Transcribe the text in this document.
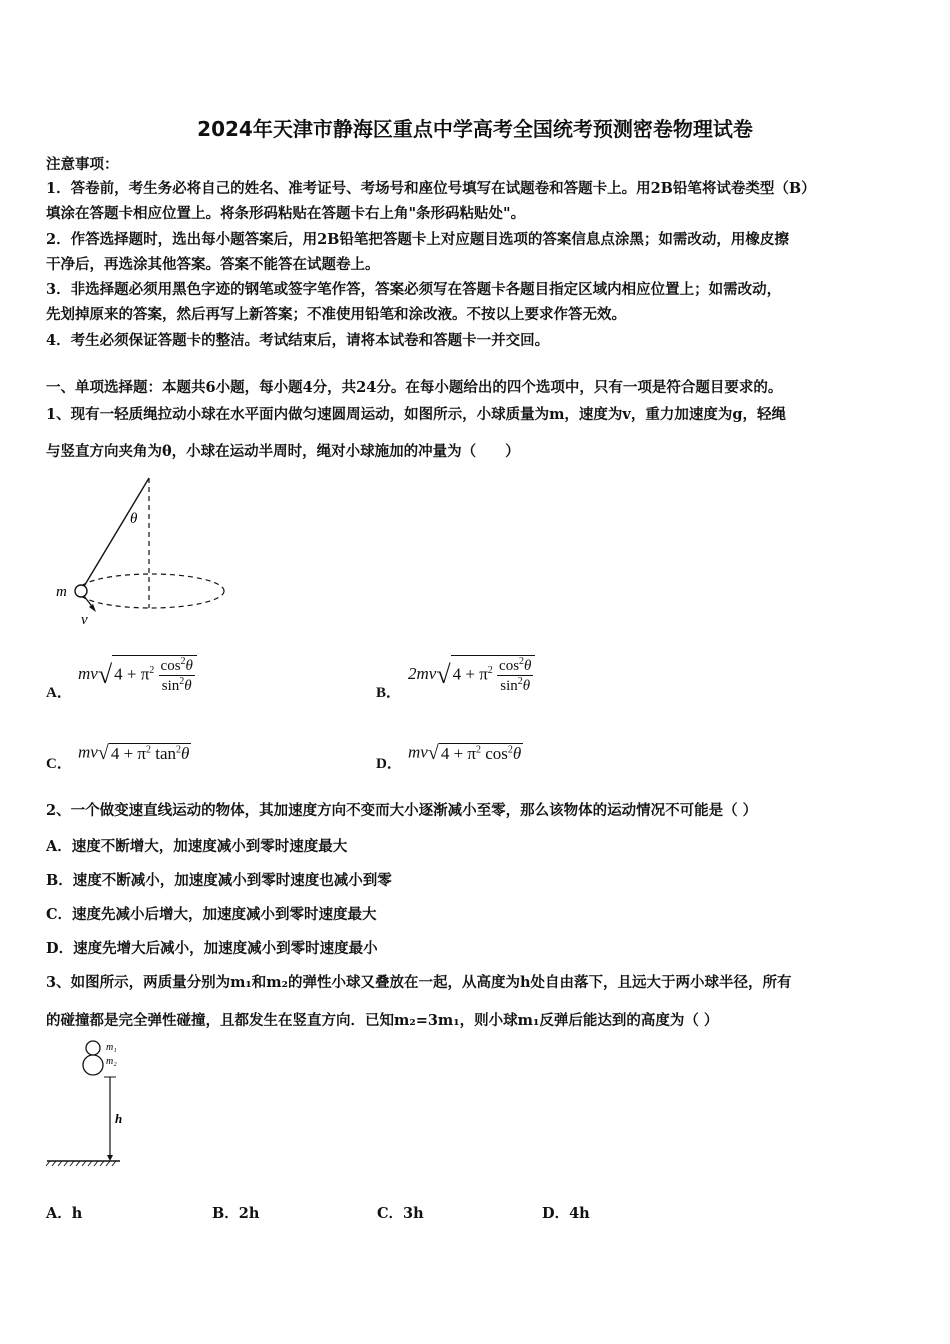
2024年天津市静海区重点中学高考全国统考预测密卷物理试卷
注意事项：
1．答卷前，考生务必将自己的姓名、准考证号、考场号和座位号填写在试题卷和答题卡上。用2B铅笔将试卷类型（B）
填涂在答题卡相应位置上。将条形码粘贴在答题卡右上角"条形码粘贴处"。
2．作答选择题时，选出每小题答案后，用2B铅笔把答题卡上对应题目选项的答案信息点涂黑；如需改动，用橡皮擦
干净后，再选涂其他答案。答案不能答在试题卷上。
3．非选择题必须用黑色字迹的钢笔或签字笔作答，答案必须写在答题卡各题目指定区域内相应位置上；如需改动，
先划掉原来的答案，然后再写上新答案；不准使用铅笔和涂改液。不按以上要求作答无效。
4．考生必须保证答题卡的整洁。考试结束后，请将本试卷和答题卡一并交回。
一、单项选择题：本题共6小题，每小题4分，共24分。在每小题给出的四个选项中，只有一项是符合题目要求的。
1、现有一轻质绳拉动小球在水平面内做匀速圆周运动，如图所示，小球质量为m，速度为v，重力加速度为g，轻绳
与竖直方向夹角为θ，小球在运动半周时，绳对小球施加的冲量为（　　）
θ
m
v
A．
mv√ $4 + \pi^2 \frac{\cos^2\theta}{\sin^2\theta}$	B．
2mv√ $4 + \pi^2 \frac{\cos^2\theta}{\sin^2\theta}$
C．
mv√ $4 + \pi^2$ $\tan^2\theta$
D．
mv√ $4 + \pi^2$ $\cos^2\theta$
2、一个做变速直线运动的物体，其加速度方向不变而大小逐渐减小至零，那么该物体的运动情况不可能是（ ）
A．速度不断增大，加速度减小到零时速度最大
B．速度不断减小，加速度减小到零时速度也减小到零
C．速度先减小后增大，加速度减小到零时速度最大
D．速度先增大后减小，加速度减小到零时速度最小
3、如图所示，两质量分别为m₁和m₂的弹性小球又叠放在一起，从高度为h处自由落下，且远大于两小球半径，所有
的碰撞都是完全弹性碰撞，且都发生在竖直方向．已知m₂=3m₁，则小球m₁反弹后能达到的高度为（ ）
m₁
m₂
h
A．h	B．2h	C．3h	D．4h
